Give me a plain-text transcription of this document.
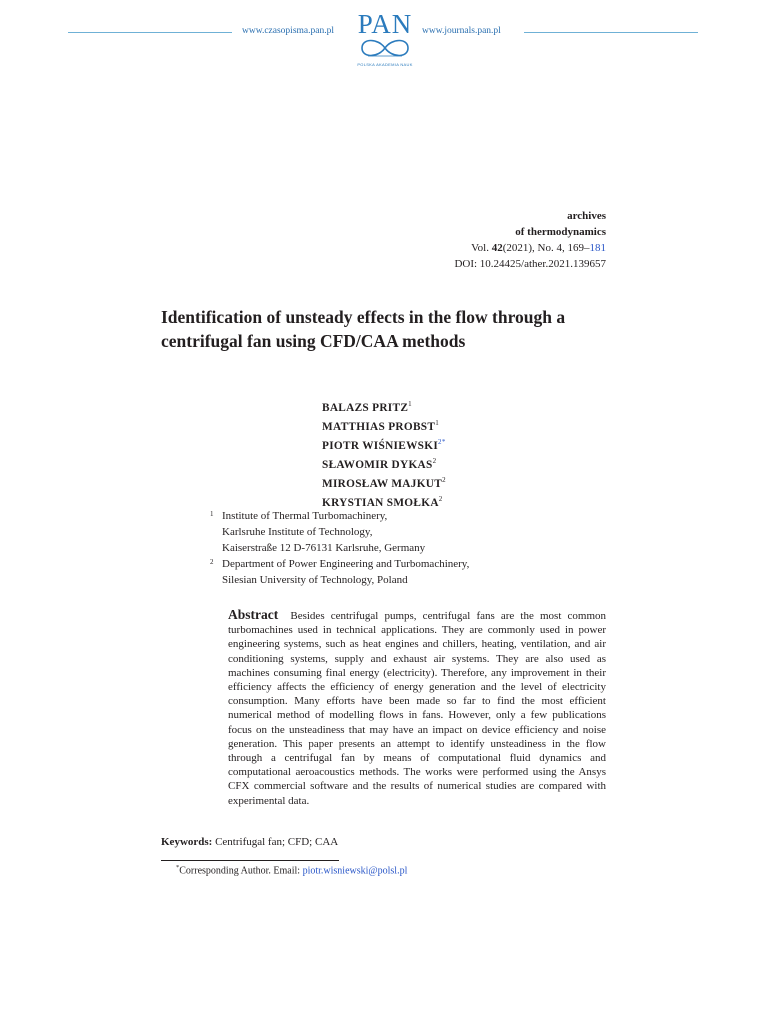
www.czasopisma.pan.pl	www.journals.pan.pl
PAN
POLSKA AKADEMIA NAUK
archives
of thermodynamics
Vol. 42(2021), No. 4, 169–181
DOI: 10.24425/ather.2021.139657
Identification of unsteady effects in the flow through a centrifugal fan using CFD/CAA methods
BALAZS PRITZ$^1$
MATTHIAS PROBST$^1$
PIOTR $WIŚNIEWSKI^{2*}$
SŁAWOMIR DYKAS$^2$
MIROSŁAW MAJKUT$^2$
KRYSTIAN SMOŁKA$^2$
1 Institute of Thermal Turbomachinery,
Karlsruhe Institute of Technology,
Kaiserstraße 12 D-76131 Karlsruhe, Germany
2 Department of Power Engineering and Turbomachinery,
Silesian University of Technology, Poland
Abstract Besides centrifugal pumps, centrifugal fans are the most common turbomachines used in technical applications. They are commonly used in power engineering systems, such as heat engines and chillers, heating, ventilation, and air conditioning systems, supply and exhaust air systems. They are also used as machines consuming final energy (electricity). Therefore, any improvement in their efficiency affects the efficiency of energy generation and the level of electricity consumption. Many efforts have been made so far to find the most efficient numerical method of modelling flows in fans. However, only a few publications focus on the unsteadiness that may have an impact on device efficiency and noise generation. This paper presents an attempt to identify unsteadiness in the flow through a centrifugal fan by means of computational fluid dynamics and computational aeroacoustics methods. The works were performed using the Ansys CFX commercial software and the results of numerical studies are compared with experimental data.
Keywords: Centrifugal fan; CFD; CAA
*Corresponding Author. Email: piotr.wisniewski@polsl.pl
